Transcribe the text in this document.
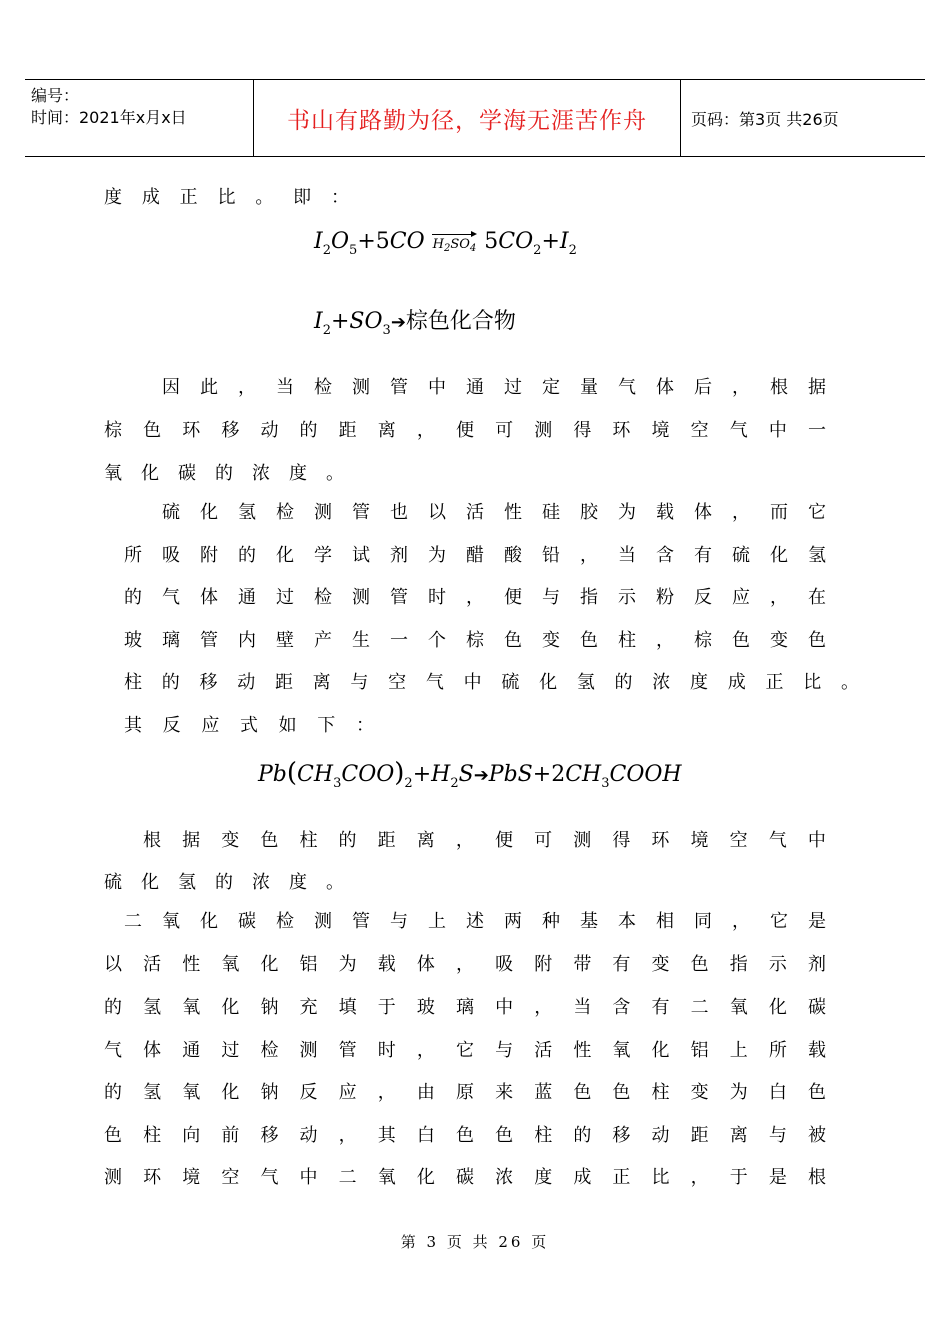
编号：
时间：2021年x月x日	书山有路勤为径，学海无涯苦作舟	页码：第3页 共26页
度 成 正 比 。 即 ：
$I_2O_5+5CO$ $H_2SO_4$ $5CO_2+I_2$
$I_2+SO_3➔$棕色化合物
因 此 ， 当 检 测 管 中 通 过 定 量 气 体 后 ， 根 据
棕 色 环 移 动 的 距 离 ， 便 可 测 得 环 境 空 气 中 一
氧 化 碳 的 浓 度 。
硫 化 氢 检 测 管 也 以 活 性 硅 胶 为 载 体 ， 而 它
所 吸 附 的 化 学 试 剂 为 醋 酸 铅 ， 当 含 有 硫 化 氢
的 气 体 通 过 检 测 管 时 ， 便 与 指 示 粉 反 应 ， 在
玻 璃 管 内 壁 产 生 一 个 棕 色 变 色 柱 ， 棕 色 变 色
柱 的 移 动 距 离 与 空 气 中 硫 化 氢 的 浓 度 成 正 比 。
其 反 应 式 如 下 ：
$Pb(CH_3COO)_2+H_2S➔PbS+2CH_3COOH$
根 据 变 色 柱 的 距 离 ， 便 可 测 得 环 境 空 气 中
硫 化 氢 的 浓 度 。
二 氧 化 碳 检 测 管 与 上 述 两 种 基 本 相 同 ， 它 是
以 活 性 氧 化 铝 为 载 体 ， 吸 附 带 有 变 色 指 示 剂
的 氢 氧 化 钠 充 填 于 玻 璃 中 ， 当 含 有 二 氧 化 碳
气 体 通 过 检 测 管 时 ， 它 与 活 性 氧 化 铝 上 所 载
的 氢 氧 化 钠 反 应 ， 由 原 来 蓝 色 色 柱 变 为 白 色
色 柱 向 前 移 动 ， 其 白 色 色 柱 的 移 动 距 离 与 被
测 环 境 空 气 中 二 氧 化 碳 浓 度 成 正 比 ， 于 是 根
第 3 页 共 26 页
